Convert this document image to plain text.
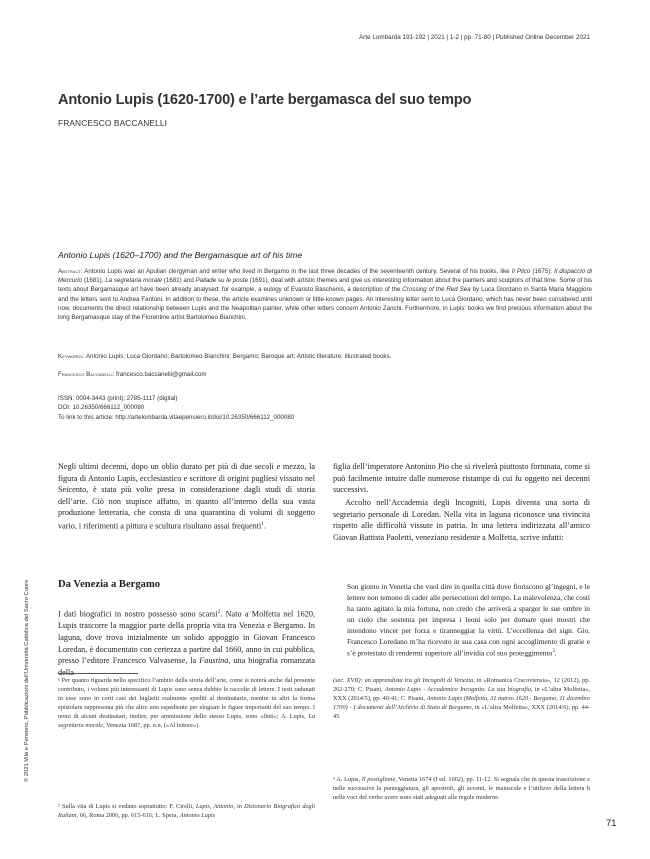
Arte Lombarda 191-192 | 2021 | 1-2 | pp. 71-80 | Published Online December 2021
Antonio Lupis (1620-1700) e l’arte bergamasca del suo tempo
FRANCESCO BACCANELLI
Antonio Lupis (1620–1700) and the Bergamasque art of his time
Abstract: Antonio Lupis was an Apulian clergyman and writer who lived in Bergamo in the last three decades of the seventeenth century. Several of his books, like Il Plico (1675), Il dispaccio di Mercurio (1681), La segretaria morale (1681) and Pallade su le poste (1691), deal with artistic themes and give us interesting information about the painters and sculptors of that time. Some of his texts about Bergamasque art have been already analysed: for example, a eulogy of Evaristo Baschenis, a description of the Crossing of the Red Sea by Luca Giordano in Santa Maria Maggiore and the letters sent to Andrea Fantoni. In addition to these, the article examines unknown or little-known pages. An interesting letter sent to Luca Giordano, which has never been considered until now, documents the direct relationship between Lupis and the Neapolitan painter, while other letters concern Antonio Zanchi. Furthermore, in Lupis’ books we find precious information about the long Bergamasque stay of the Florentine artist Bartolomeo Bianchini.
Keywords: Antonio Lupis; Luca Giordano; Bartolomeo Bianchini; Bergamo; Baroque art; Artistic literature; Illustrated books.
Francesco Baccanelli: francesco.baccanelli@gmail.com
ISSN: 0004-3443 (print); 2785-1117 (digital)
DOI: 10.26350/666112_000080
To link to this article: http://artelombarda.vitaepensiero.it/doi/10.26350/666112_000080
Negli ultimi decenni, dopo un oblio durato per più di due secoli e mezzo, la figura di Antonio Lupis, ecclesiastico e scrittore di origini pugliesi vissuto nel Seicento, è stata più volte presa in considerazione dagli studi di storia dell’arte. Ciò non stupisce affatto, in quanto all’interno della sua vasta produzione letteraria, che consta di una quarantina di volumi di soggetto vario, i riferimenti a pittura e scultura risultano assai frequenti$^1$.
Da Venezia a Bergamo
I dati biografici in nostro possesso sono scarsi$^2$. Nato a Molfetta nel 1620, Lupis trascorre la maggior parte della propria vita tra Venezia e Bergamo. In laguna, dove trova inizialmente un solido appoggio in Giovan Francesco Loredan, è documentato con certezza a partire dal 1660, anno in cui pubblica, presso l’editore Francesco Valvasense, la Faustina, una biografia romanzata della
figlia dell’imperatore Antonino Pio che si rivelerà piuttosto fortunata, come si può facilmente intuire dalle numerose ristampe di cui fu oggetto nei decenni successivi.
Accolto nell’Accademia degli Incogniti, Lupis diventa una sorta di segretario personale di Loredan. Nella vita in laguna riconosce una rivincita rispetto alle difficoltà vissute in patria. In una lettera indirizzata all’amico Giovan Battista Paoletti, veneziano residente a Molfetta, scrive infatti:
Son gionto in Venetia che vuol dire in quella città dove fioriscono gl’ingegni, e le lettere non temono di cader alle persecutioni del tempo. La malevolenza, che costì ha tanto agitato la mia fortuna, non credo che arriverà a sparger le sue ombre in un cielo che sostenta per impresa i leoni solo per domare quei mostri che intendono vincer per forza e tiranneggiar la virtù. L’eccellenza del sign. Gio. Francesco Loredano m’ha ricevuto in sua casa con ogni accoglimento di gratie e s’è protestato di rendermi superiore all’invidia col suo proteggimento$^3$.
¹ Per quanto riguarda nello specifico l’ambito della storia dell’arte, come si noterà anche dal presente contributo, i volumi più interessanti di Lupis sono senza dubbio le raccolte di lettere. I testi radunati in esse sono in certi casi dei biglietti realmente spediti al destinatario, mentre in altri la forma epistolare rappresenta più che altro uno espediente per elogiare le figure importanti del suo tempo. I nomi di alcuni destinatari, inoltre, per ammissione dello stesso Lupis, sono «finti»; A. Lupis, La segretaria morale, Venezia 1687, pp. n.n. («Al lettore»).
² Sulla vita di Lupis si vedano soprattutto: F. Cirelli, Lupis, Antonio, in Dizionario Biografico degli Italiani, 66, Roma 2006, pp. 615-616; L. Spera, Antonio Lupis
(sec. XVII): un apprendista tra gli Incogniti di Venezia, in «Romanica Cracoviensia», 12 (2012), pp. 262-270; C. Pisani, Antonio Lupis - Accademico Incognito. La sua biografia, in «L’altra Molfetta», XXX (2014/5), pp. 40-41; C. Pisani, Antonio Lupis (Molfetta, 31 marzo 1620 - Bergamo, 11 dicembre 1700) - I documenti dell’Archivio di Stato di Bergamo, in «L’altra Molfetta», XXX (2014/6), pp. 44-45.
³ A. Lupis, Il postiglione, Venetia 1674 (I ed. 1662), pp. 11-12. Si segnala che in questa trascrizione e nelle successive la punteggiatura, gli apostrofi, gli accenti, le maiuscole e l’utilizzo della lettera h nelle voci del verbo avere sono stati adeguati alle regole moderne.
© 2021 Vita e Pensiero, Pubblicazioni dell’Università Cattolica del Sacro Cuore
71
